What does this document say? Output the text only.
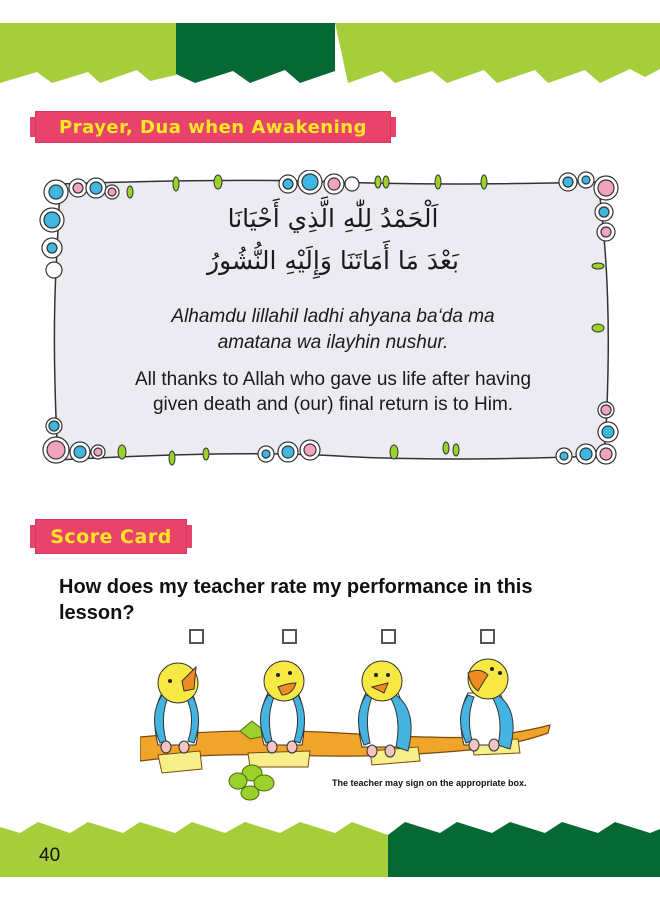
Prayer, Dua when Awakening
اَلْحَمْدُ لِلّٰهِ الَّذِي أَحْيَانَا
بَعْدَ مَا أَمَاتَنَا وَإِلَيْهِ النُّشُورُ
Alhamdu lillahil ladhi ahyana ba‘da ma
amatana wa ilayhin nushur.
All thanks to Allah who gave us life after having
given death and (our) final return is to Him.
Score Card
How does my teacher rate my performance in this
lesson?
The teacher may sign on the appropriate box.
40
